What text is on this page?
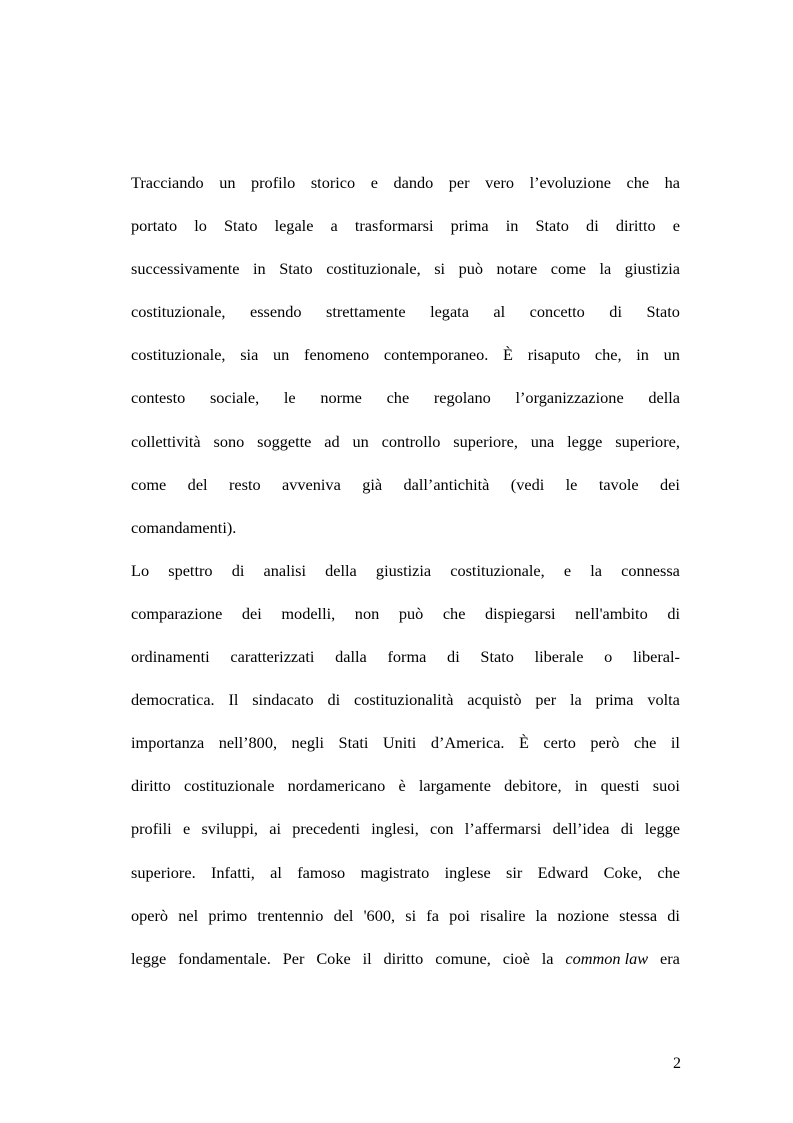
Tracciando un profilo storico e dando per vero l’evoluzione che ha
portato lo Stato legale a trasformarsi prima in Stato di diritto e
successivamente in Stato costituzionale, si può notare come la giustizia
costituzionale, essendo strettamente legata al concetto di Stato
costituzionale, sia un fenomeno contemporaneo. È risaputo che, in un
contesto sociale, le norme che regolano l’organizzazione della
collettività sono soggette ad un controllo superiore, una legge superiore,
come del resto avveniva già dall’antichità (vedi le tavole dei
comandamenti).
Lo spettro di analisi della giustizia costituzionale, e la connessa
comparazione dei modelli, non può che dispiegarsi nell'ambito di
ordinamenti caratterizzati dalla forma di Stato liberale o liberal-
democratica. Il sindacato di costituzionalità acquistò per la prima volta
importanza nell’800, negli Stati Uniti d’America. È certo però che il
diritto costituzionale nordamericano è largamente debitore, in questi suoi
profili e sviluppi, ai precedenti inglesi, con l’affermarsi dell’idea di legge
superiore. Infatti, al famoso magistrato inglese sir Edward Coke, che
operò nel primo trentennio del '600, si fa poi risalire la nozione stessa di
legge fondamentale. Per Coke il diritto comune, cioè la common law era
2
